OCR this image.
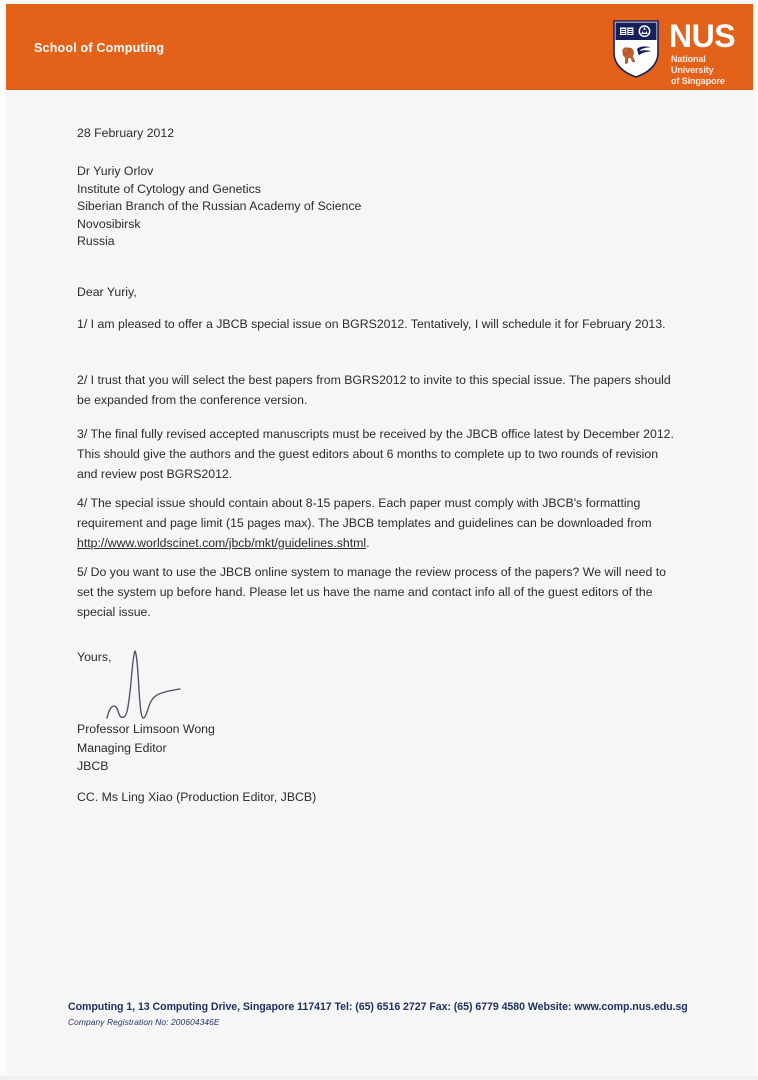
School of Computing	NUS
National University
of Singapore
28 February 2012
Dr Yuriy Orlov
Institute of Cytology and Genetics
Siberian Branch of the Russian Academy of Science
Novosibirsk
Russia
Dear Yuriy,
1/ I am pleased to offer a JBCB special issue on BGRS2012. Tentatively, I will schedule it for February 2013.
2/ I trust that you will select the best papers from BGRS2012 to invite to this special issue. The papers should be expanded from the conference version.
3/ The final fully revised accepted manuscripts must be received by the JBCB office latest by December 2012. This should give the authors and the guest editors about 6 months to complete up to two rounds of revision and review post BGRS2012.
4/ The special issue should contain about 8-15 papers. Each paper must comply with JBCB's formatting requirement and page limit (15 pages max). The JBCB templates and guidelines can be downloaded from http://www.worldscinet.com/jbcb/mkt/guidelines.shtml.
5/ Do you want to use the JBCB online system to manage the review process of the papers? We will need to set the system up before hand. Please let us have the name and contact info all of the guest editors of the special issue.
Yours,
Professor Limsoon Wong
Managing Editor
JBCB
CC. Ms Ling Xiao (Production Editor, JBCB)
Computing 1, 13 Computing Drive, Singapore 117417 Tel: (65) 6516 2727 Fax: (65) 6779 4580 Website: www.comp.nus.edu.sg
Company Registration No: 200604346E
